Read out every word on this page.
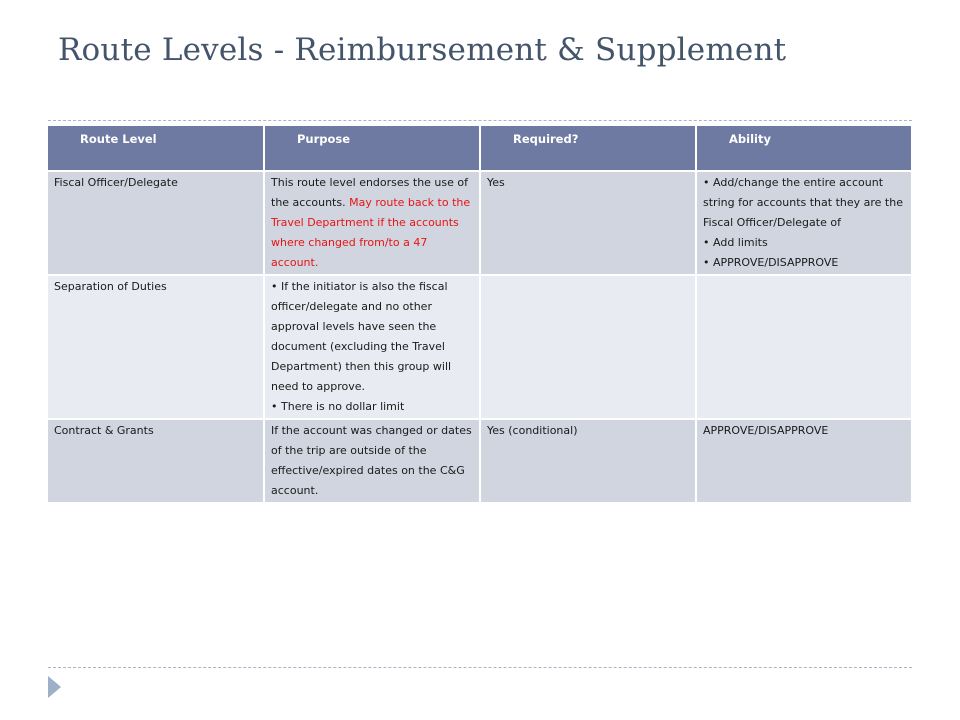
Route Levels - Reimbursement & Supplement
Route Level	Purpose	Required?	Ability
Fiscal Officer/Delegate	This route level endorses the use of the accounts. May route back to the Travel Department if the accounts where changed from/to a 47 account.	Yes	• Add/change the entire account string for accounts that they are the Fiscal Officer/Delegate of
• Add limits
• APPROVE/DISAPPROVE

Separation of Duties	• If the initiator is also the fiscal officer/delegate and no other approval levels have seen the document (excluding the Travel Department) then this group will need to approve.
• There is no dollar limit

Contract & Grants	If the account was changed or dates of the trip are outside of the effective/expired dates on the C&G account.	Yes (conditional)	APPROVE/DISAPPROVE
